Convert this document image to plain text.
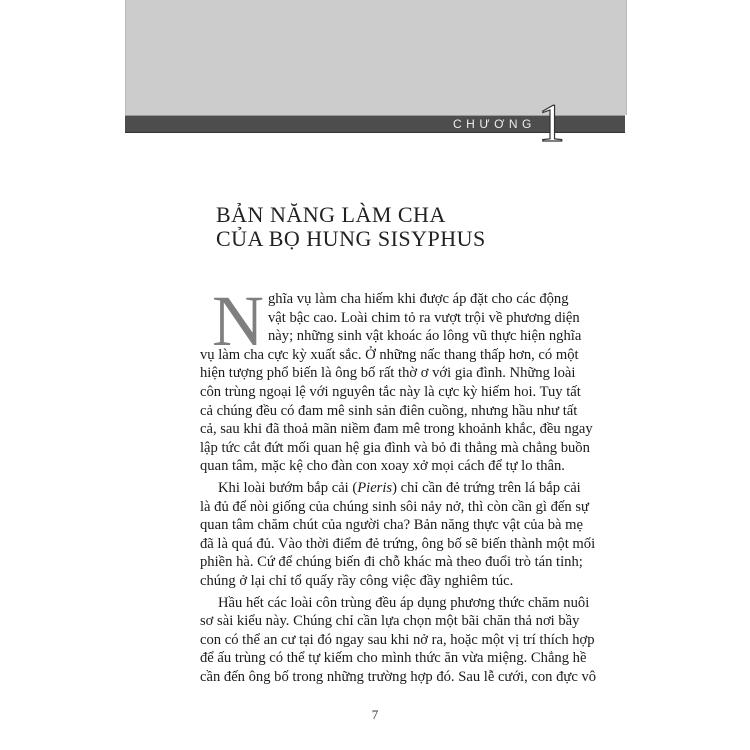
CHƯƠNG 1
BẢN NĂNG LÀM CHA
CỦA BỌ HUNG SISYPHUS
N ghĩa vụ làm cha hiếm khi được áp đặt cho các động
vật bậc cao. Loài chim tỏ ra vượt trội về phương diện
này; những sinh vật khoác áo lông vũ thực hiện nghĩa
vụ làm cha cực kỳ xuất sắc. Ở những nấc thang thấp hơn, có một
hiện tượng phổ biến là ông bố rất thờ ơ với gia đình. Những loài
côn trùng ngoại lệ với nguyên tắc này là cực kỳ hiếm hoi. Tuy tất
cả chúng đều có đam mê sinh sản điên cuồng, nhưng hầu như tất
cả, sau khi đã thoả mãn niềm đam mê trong khoảnh khắc, đều ngay
lập tức cắt đứt mối quan hệ gia đình và bỏ đi thẳng mà chẳng buồn
quan tâm, mặc kệ cho đàn con xoay xở mọi cách để tự lo thân.
Khi loài bướm bắp cải (Pieris) chỉ cần đẻ trứng trên lá bắp cải
là đủ để nòi giống của chúng sinh sôi nảy nở, thì còn cần gì đến sự
quan tâm chăm chút của người cha? Bản năng thực vật của bà mẹ
đã là quá đủ. Vào thời điểm đẻ trứng, ông bố sẽ biến thành một mối
phiền hà. Cứ để chúng biến đi chỗ khác mà theo đuổi trò tán tỉnh;
chúng ở lại chỉ tổ quấy rầy công việc đầy nghiêm túc.
Hầu hết các loài côn trùng đều áp dụng phương thức chăm nuôi
sơ sài kiểu này. Chúng chỉ cần lựa chọn một bãi chăn thả nơi bầy
con có thể an cư tại đó ngay sau khi nở ra, hoặc một vị trí thích hợp
để ấu trùng có thể tự kiếm cho mình thức ăn vừa miệng. Chẳng hề
cần đến ông bố trong những trường hợp đó. Sau lễ cưới, con đực vô
7
